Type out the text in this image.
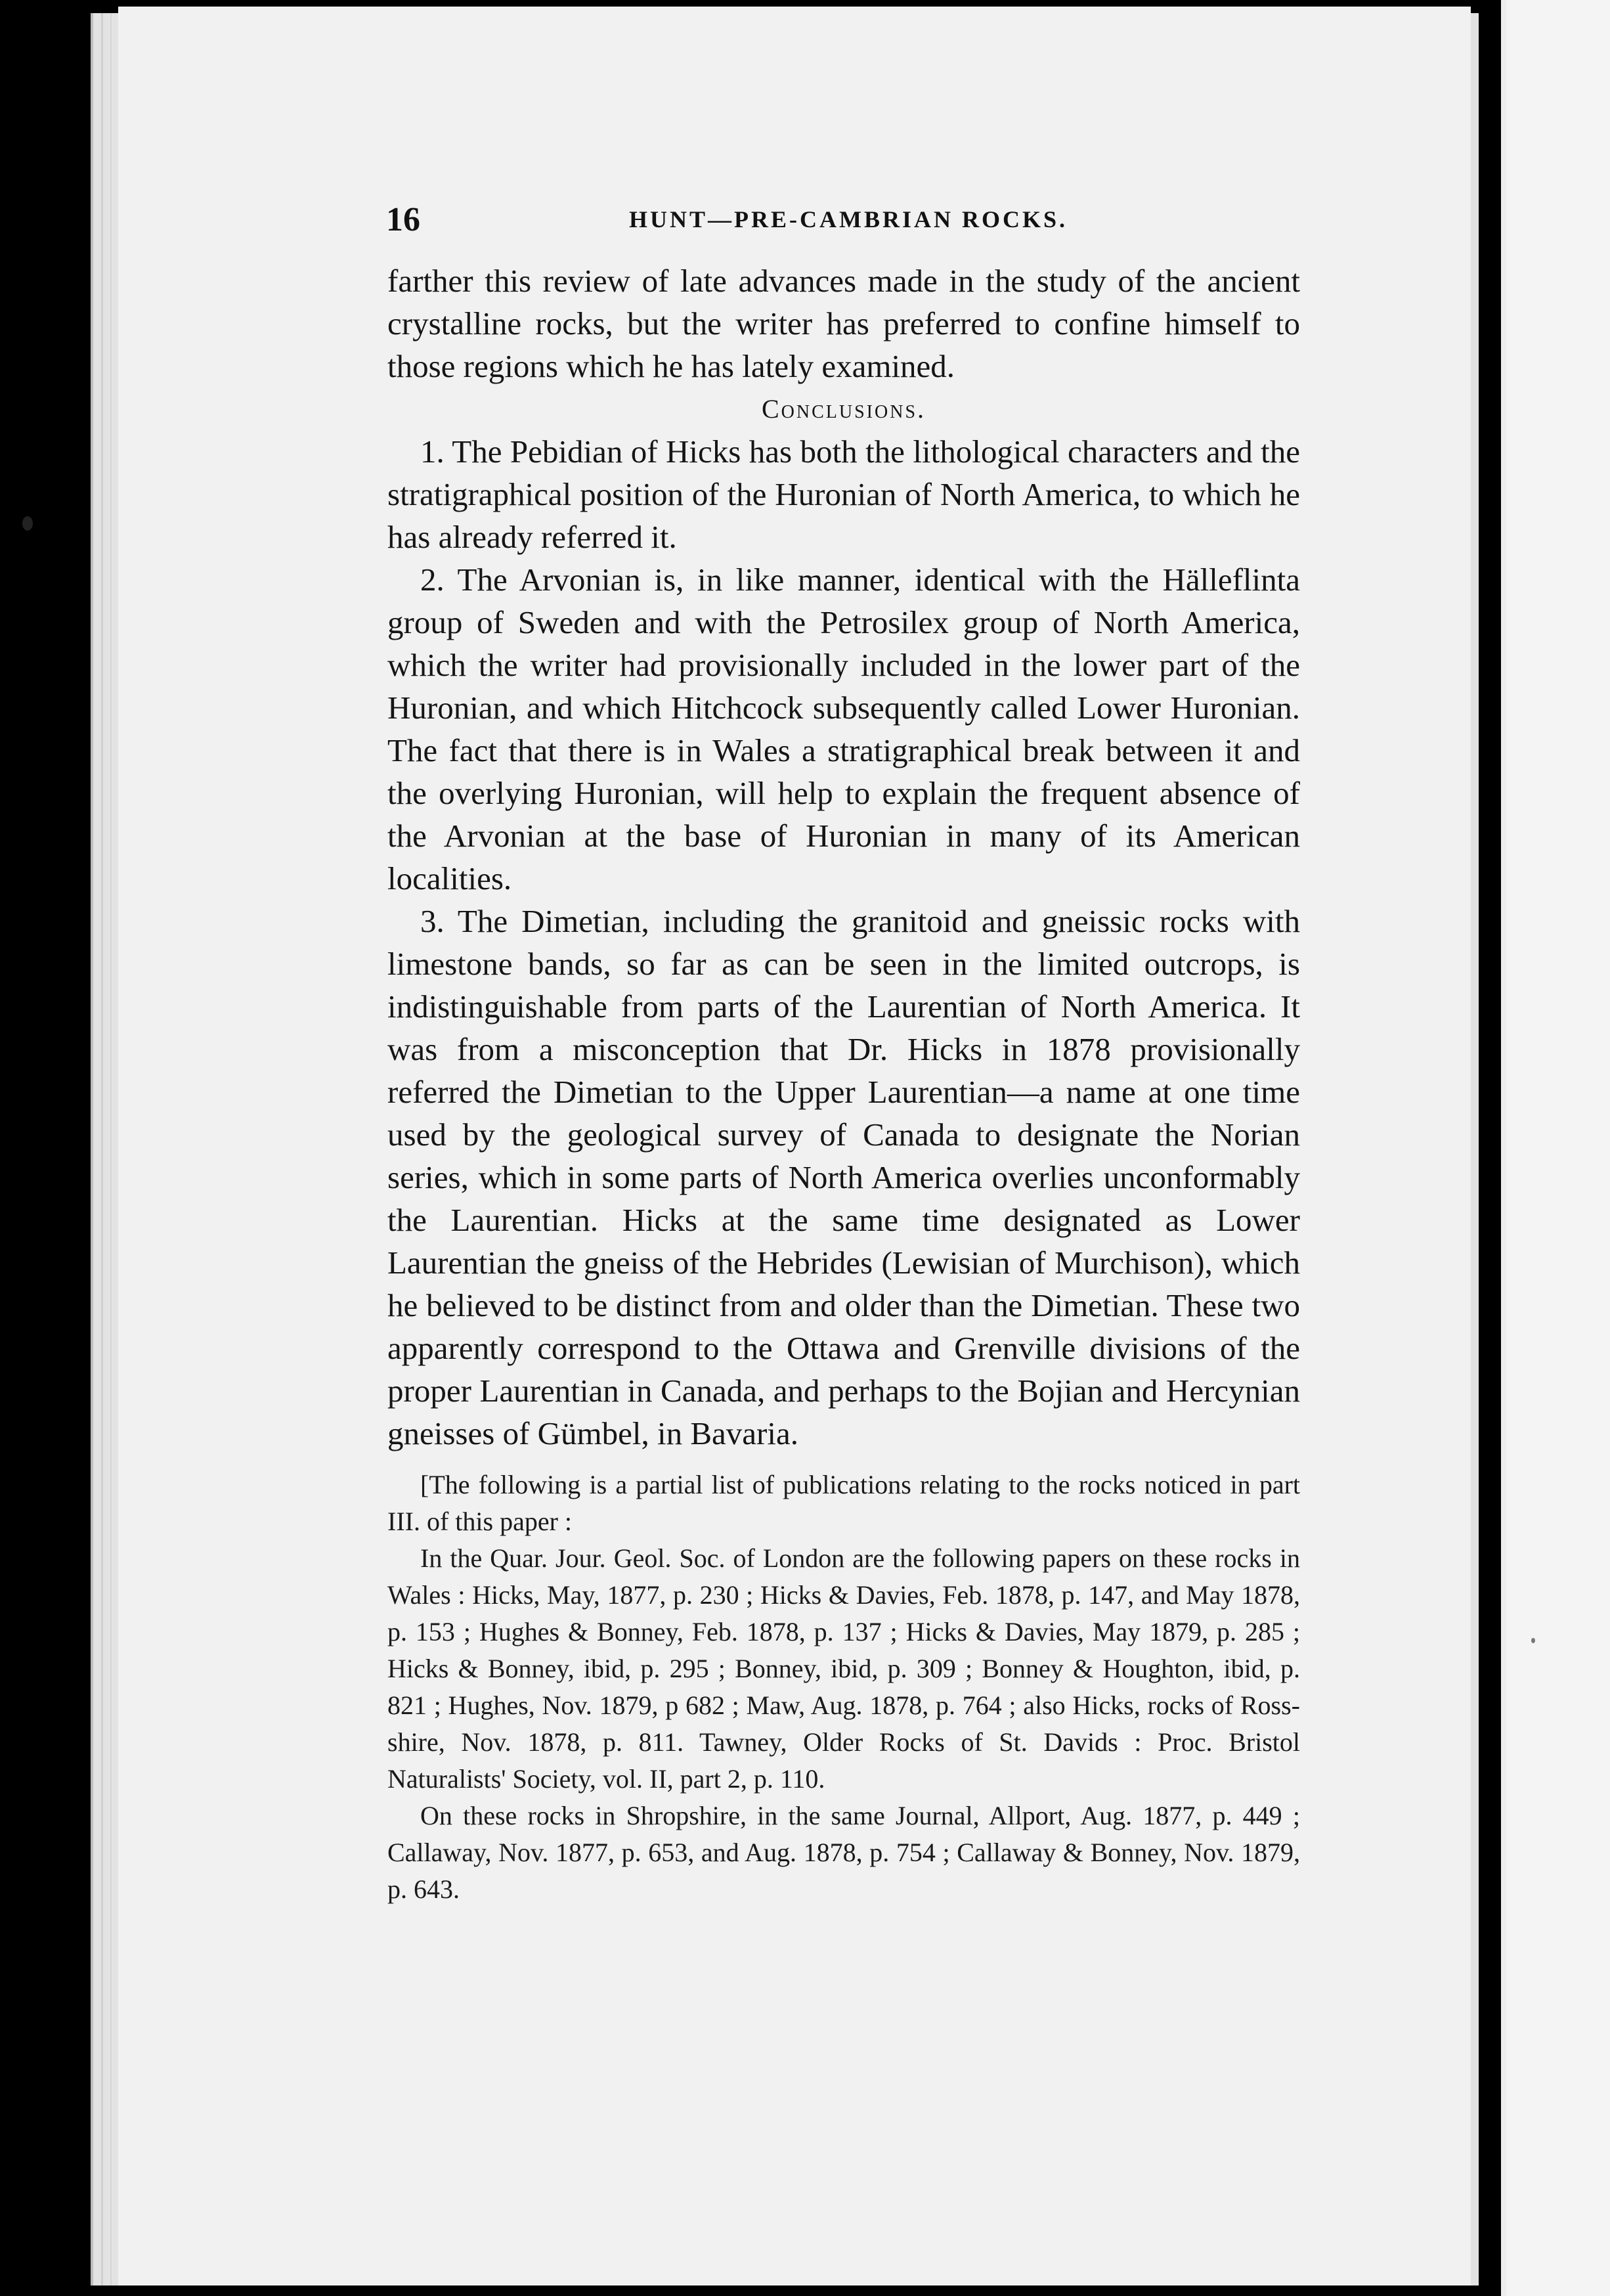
16	HUNT—PRE-CAMBRIAN ROCKS.

farther this review of late advances made in the study of the ancient crystalline rocks, but the writer has preferred to confine himself to those regions which he has lately examined.

Conclusions.

1. The Pebidian of Hicks has both the lithological characters and the stratigraphical position of the Huronian of North America, to which he has already referred it.

2. The Arvonian is, in like manner, identical with the Hälleflinta group of Sweden and with the Petrosilex group of North America, which the writer had provisionally included in the lower part of the Huronian, and which Hitchcock subsequently called Lower Huronian. The fact that there is in Wales a stratigraphical break between it and the overlying Huronian, will help to explain the frequent absence of the Arvonian at the base of Huronian in many of its American localities.

3. The Dimetian, including the granitoid and gneissic rocks with limestone bands, so far as can be seen in the limited outcrops, is indistinguishable from parts of the Laurentian of North America. It was from a misconception that Dr. Hicks in 1878 provisionally referred the Dimetian to the Upper Laurentian—a name at one time used by the geological survey of Canada to designate the Norian series, which in some parts of North America overlies unconformably the Laurentian. Hicks at the same time designated as Lower Laurentian the gneiss of the Hebrides (Lewisian of Murchison), which he believed to be distinct from and older than the Dimetian. These two apparently correspond to the Ottawa and Grenville divisions of the proper Laurentian in Canada, and perhaps to the Bojian and Hercynian gneisses of Gümbel, in Bavaria.

[The following is a partial list of publications relating to the rocks noticed in part III. of this paper :

In the Quar. Jour. Geol. Soc. of London are the following papers on these rocks in Wales : Hicks, May, 1877, p. 230 ; Hicks & Davies, Feb. 1878, p. 147, and May 1878, p. 153 ; Hughes & Bonney, Feb. 1878, p. 137 ; Hicks & Davies, May 1879, p. 285 ; Hicks & Bonney, ibid, p. 295 ; Bonney, ibid, p. 309 ; Bonney & Houghton, ibid, p. 821 ; Hughes, Nov. 1879, p 682 ; Maw, Aug. 1878, p. 764 ; also Hicks, rocks of Ross-shire, Nov. 1878, p. 811. Tawney, Older Rocks of St. Davids : Proc. Bristol Naturalists' Society, vol. II, part 2, p. 110.

On these rocks in Shropshire, in the same Journal, Allport, Aug. 1877, p. 449 ; Callaway, Nov. 1877, p. 653, and Aug. 1878, p. 754 ; Callaway & Bonney, Nov. 1879, p. 643.
